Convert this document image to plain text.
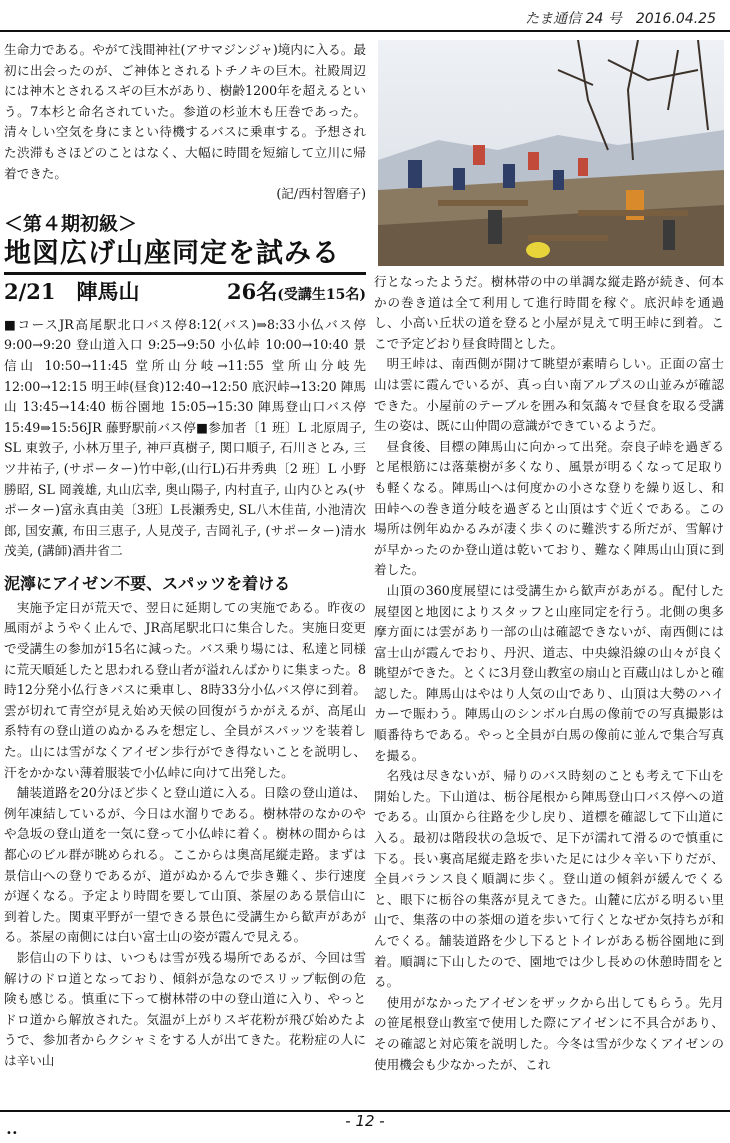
たま通信 24 号　2016.04.25

生命力である。やがて浅間神社(アサマジンジャ)境内に入る。最初に出会ったのが、ご神体とされるトチノキの巨木。社殿周辺には神木とされるスギの巨木があり、樹齢1200年を超えるという。7本杉と命名されていた。参道の杉並木も圧巻であった。清々しい空気を身にまとい待機するバスに乗車する。予想された渋滞もさほどのことはなく、大幅に時間を短縮して立川に帰着できた。

(記/西村智磨子)
＜第４期初級＞
地図広げ山座同定を試みる
2/21　陣馬山	26名(受講生15名)

■コースJR高尾駅北口バス停8:12(バス)⇒8:33小仏バス停 9:00→9:20 登山道入口 9:25→9:50 小仏峠 10:00→10:40 景信山 10:50→11:45 堂所山分岐→11:55 堂所山分岐先 12:00→12:15 明王峠(昼食)12:40→12:50 底沢峠→13:20 陣馬山 13:45→14:40 栃谷園地 15:05→15:30 陣馬登山口バス停 15:49⇒15:56JR 藤野駅前バス停■参加者〔1 班〕L 北原周子, SL 東敦子, 小林万里子, 神戸真樹子, 関口順子, 石川さとみ, 三ツ井祐子, (サポーター)竹中彰,(山行L)石井秀典〔2 班〕L 小野勝昭, SL 岡義雄, 丸山広幸, 奥山陽子, 内村直子, 山内ひとみ(サポーター)富永真由美〔3班〕L長瀬秀史, SL八木佳苗, 小池清次郎, 国安薫, 布田三恵子, 人見茂子, 吉岡礼子, (サポーター)清水茂美, (講師)酒井省二

泥濘にアイゼン不要、スパッツを着ける

実施予定日が荒天で、翌日に延期しての実施である。昨夜の風雨がようやく止んで、JR高尾駅北口に集合した。実施日変更で受講生の参加が15名に減った。バス乗り場には、私達と同様に荒天順延したと思われる登山者が溢れんばかりに集まった。8時12分発小仏行きバスに乗車し、8時33分小仏バス停に到着。雲が切れて青空が見え始め天候の回復がうかがえるが、高尾山系特有の登山道のぬかるみを想定し、全員がスパッツを装着した。山には雪がなくアイゼン歩行ができ得ないことを説明し、汗をかかない薄着服装で小仏峠に向けて出発した。

舗装道路を20分ほど歩くと登山道に入る。日陰の登山道は、例年凍結しているが、今日は水溜りである。樹林帯のなかのやや急坂の登山道を一気に登って小仏峠に着く。樹林の間からは都心のビル群が眺められる。ここからは奥高尾縦走路。まずは景信山への登りであるが、道がぬかるんで歩き難く、歩行速度が遅くなる。予定より時間を要して山頂、茶屋のある景信山に到着した。関東平野が一望できる景色に受講生から歓声があがる。茶屋の南側には白い富士山の姿が霞んで見える。

影信山の下りは、いつもは雪が残る場所であるが、今回は雪解けのドロ道となっており、傾斜が急なのでスリップ転倒の危険も感じる。慎重に下って樹林帯の中の登山道に入り、やっとドロ道から解放された。気温が上がりスギ花粉が飛び始めたようで、参加者からクシャミをする人が出てきた。花粉症の人には辛い山

行となったようだ。樹林帯の中の単調な縦走路が続き、何本かの巻き道は全て利用して進行時間を稼ぐ。底沢峠を通過し、小高い丘状の道を登ると小屋が見えて明王峠に到着。ここで予定どおり昼食時間とした。

明王峠は、南西側が開けて眺望が素晴らしい。正面の富士山は雲に霞んでいるが、真っ白い南アルプスの山並みが確認できた。小屋前のテーブルを囲み和気藹々で昼食を取る受講生の姿は、既に山仲間の意識ができているようだ。

昼食後、目標の陣馬山に向かって出発。奈良子峠を過ぎると尾根筋には落葉樹が多くなり、風景が明るくなって足取りも軽くなる。陣馬山へは何度かの小さな登りを繰り返し、和田峠への巻き道分岐を過ぎると山頂はすぐ近くである。この場所は例年ぬかるみが凄く歩くのに難渋する所だが、雪解けが早かったのか登山道は乾いており、難なく陣馬山山頂に到着した。

山頂の360度展望には受講生から歓声があがる。配付した展望図と地図によりスタッフと山座同定を行う。北側の奥多摩方面には雲があり一部の山は確認できないが、南西側には富士山が霞んでおり、丹沢、道志、中央線沿線の山々が良く眺望ができた。とくに3月登山教室の扇山と百蔵山はしかと確認した。陣馬山はやはり人気の山であり、山頂は大勢のハイカーで賑わう。陣馬山のシンボル白馬の像前での写真撮影は順番待ちである。やっと全員が白馬の像前に並んで集合写真を撮る。

名残は尽きないが、帰りのバス時刻のことも考えて下山を開始した。下山道は、栃谷尾根から陣馬登山口バス停への道である。山頂から往路を少し戻り、道標を確認して下山道に入る。最初は階段状の急坂で、足下が濡れて滑るので慎重に下る。長い裏高尾縦走路を歩いた足には少々辛い下りだが、全員バランス良く順調に歩く。登山道の傾斜が緩んでくると、眼下に栃谷の集落が見えてきた。山麓に広がる明るい里山で、集落の中の茶畑の道を歩いて行くとなぜか気持ちが和んでくる。舗装道路を少し下るとトイレがある栃谷園地に到着。順調に下山したので、園地では少し長めの休憩時間をとる。

使用がなかったアイゼンをザックから出してもらう。先月の笹尾根登山教室で使用した際にアイゼンに不具合があり、その確認と対応策を説明した。今冬は雪が少なくアイゼンの使用機会も少なかったが、これ

- 12 -
••
